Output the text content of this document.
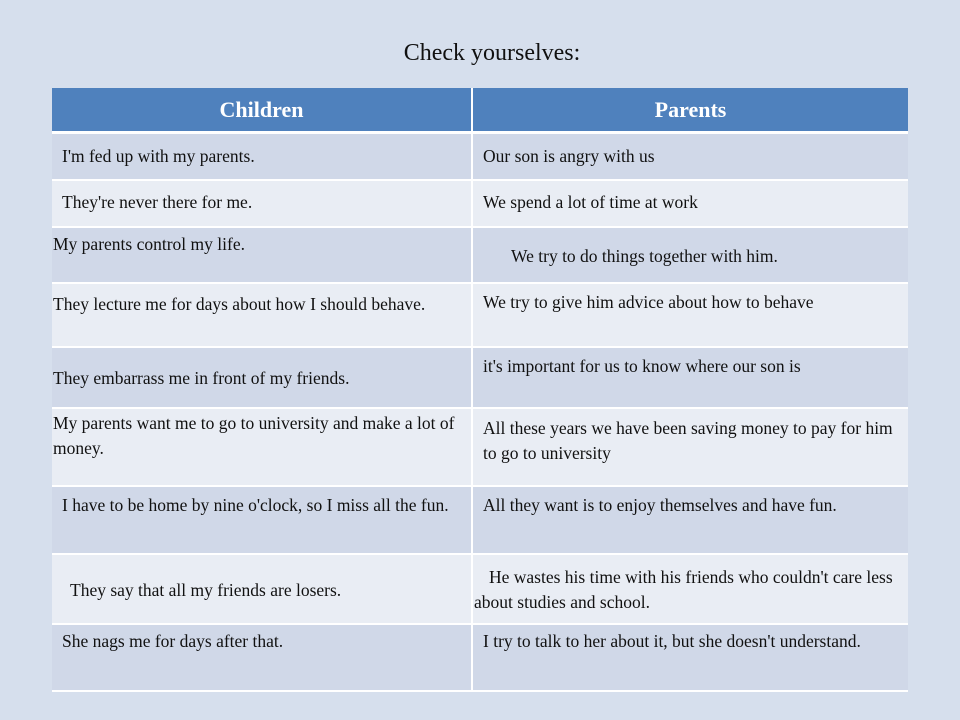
Check yourselves:
Children	Parents

I'm fed up with my parents.	Our son is angry with us

They're never there for me.	We spend a lot of time at work

My parents control my life.	We try to do things together with him.

They lecture me for days about how I should behave.	We try to give him advice about how to behave

They embarrass me in front of my friends.	it's important for us to know where our son is

My parents want me to go to university and make a lot of money.	All these years we have been saving money to pay for him to go to university

I have to be home by nine o'clock, so I miss all the fun.	All they want is to enjoy themselves and have fun.

They say that all my friends are losers.	He wastes his time with his friends who couldn't care less about studies and school.

She nags me for days after that.	I try to talk to her about it, but she doesn't understand.
